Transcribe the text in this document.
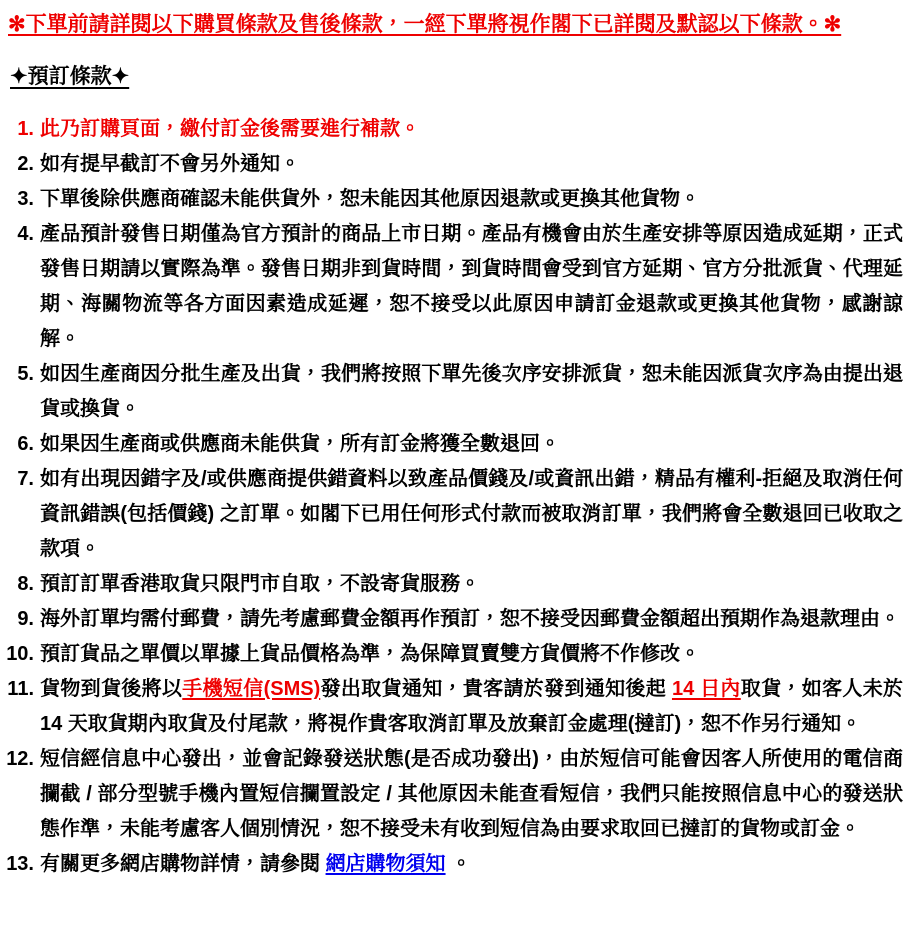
✻下單前請詳閱以下購買條款及售後條款，一經下單將視作閣下已詳閱及默認以下條款。✻
✦預訂條款✦
1. 此乃訂購頁面，繳付訂金後需要進行補款。
2. 如有提早截訂不會另外通知。
3. 下單後除供應商確認未能供貨外，恕未能因其他原因退款或更換其他貨物。
4. 產品預計發售日期僅為官方預計的商品上市日期。產品有機會由於生產安排等原因造成延期，正式發售日期請以實際為準。發售日期非到貨時間，到貨時間會受到官方延期、官方分批派貨、代理延期、海關物流等各方面因素造成延遲，恕不接受以此原因申請訂金退款或更換其他貨物，感謝諒解。
5. 如因生產商因分批生產及出貨，我們將按照下單先後次序安排派貨，恕未能因派貨次序為由提出退貨或換貨。
6. 如果因生產商或供應商未能供貨，所有訂金將獲全數退回。
7. 如有出現因錯字及/或供應商提供錯資料以致產品價錢及/或資訊出錯，精品有權利-拒絕及取消任何資訊錯誤(包括價錢) 之訂單。如閣下已用任何形式付款而被取消訂單，我們將會全數退回已收取之款項。
8. 預訂訂單香港取貨只限門市自取，不設寄貨服務。
9. 海外訂單均需付郵費，請先考慮郵費金額再作預訂，恕不接受因郵費金額超出預期作為退款理由。
10. 預訂貨品之單價以單據上貨品價格為準，為保障買賣雙方貨價將不作修改。
11. 貨物到貨後將以手機短信(SMS)發出取貨通知，貴客請於發到通知後起 14 日內取貨，如客人未於 14 天取貨期內取貨及付尾款，將視作貴客取消訂單及放棄訂金處理(撻訂)，恕不作另行通知。
12. 短信經信息中心發出，並會記錄發送狀態(是否成功發出)，由於短信可能會因客人所使用的電信商攔截 / 部分型號手機內置短信攔置設定 / 其他原因未能查看短信，我們只能按照信息中心的發送狀態作準，未能考慮客人個別情況，恕不接受未有收到短信為由要求取回已撻訂的貨物或訂金。
13. 有關更多網店購物詳情，請參閱 網店購物須知 。
